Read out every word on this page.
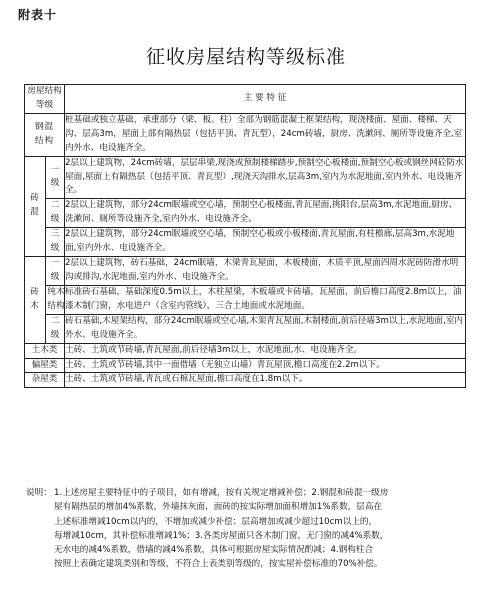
附表十
征收房屋结构等级标准
房屋结构等级		主 要 特 征
钢混结构		桩基础或独立基础，承重部分（梁、板、柱）全部为钢筋混凝土框架结构，现浇楼面、屋面、楼梯、天沟、层高3m，屋面上部有隔热层（包括平顶、青瓦型），24cm砖墙，厨房、洗漱间、厕所等设施齐全,室内外水、电设施齐全。
砖混	一级	2层以上建筑物，24cm砖墙，层层串梁,现浇或预制楼梯踏步,预制空心板楼面,预制空心板或钢丝网砼防水屋面,屋面上有隔热层（包括平顶、青瓦型）,现浇天沟排水,层高3m,室内为水泥地面,室内外水、电设施齐全。
	二级	2层以上建筑物，部分24cm眠墙或空心墙，预制空心板楼面,青瓦屋面,挑阳台,层高3m,水泥地面,厨房、洗漱间、厕所等设施齐全,室内外水、电设施齐全。
	三级	2层以上建筑物，部分24cm眠墙或空心墙，预制空心板或小板楼面,青瓦屋面,有柱檐廊,层高3m,水泥地面,室内外水、电设施齐全。
砖木	一级	2层以上建筑物，砖石基础，24cm眠墙，木梁青瓦屋面，木板楼面，木质平顶,屋面四周水泥砖防滑水明沟或排沟,水泥地面,室内外水、电设施齐全。
	纯木结构	标准砖石基础，基础深度0.5m以上，木柱屋梁，木板墙或卡砖墙，瓦屋面，前后檐口高度2.8m以上，油漆木制门窗，水电进户（含室内管线），三合土地面或水泥地面。
	二级	砖石基础,木屋架结构，部分24cm眠墙或空心墙,木架青瓦屋面,木制楼面,前后径墙3m以上,水泥地面,室内外水、电设施齐全。
土木类		土砖、土筑或节砖墙,青瓦屋面,前后径墙3m以上，水泥地面,水、电设施齐全。
偏屋类		土砖、土筑或节砖墙,其中一面借墙（无独立山墙）青瓦屋顶,檐口高度在2.2m以下。
杂屋类		土砖、土筑或节砖墙,青瓦或石棉瓦屋面,檐口高度在1.8m以下。
说明： 1.上述房屋主要特征中的子项目，如有增减，按有关规定增减补偿；2.钢混和砖混一级房
屋有隔热层的增加4%系数，外墙抹灰面，面砖的按实际增加面积增加1%系数，层高在
上述标准增减10cm以内的，不增加或减少补偿；层高增加或减少超过10cm以上的，
每增减10cm，其补偿标准增减1%；3.各类房屋面只各木制门窗，无门窗的减4%系数，
无水电的减4%系数，借墙的减4%系数，具体可根据房屋实际情况酌减；4.钢构柱合
按照上表确定建筑类别和等级，不符合上表类别等级的，按实屋补偿标准的70%补偿。
